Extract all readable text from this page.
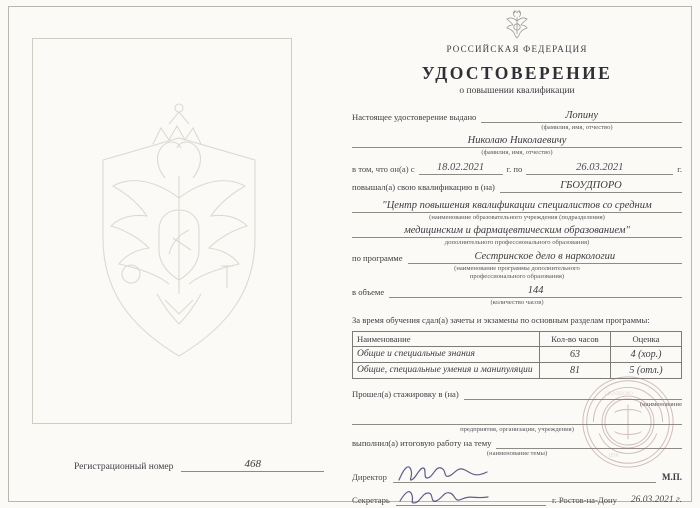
Регистрационный номер	468
РОССИЙСКАЯ ФЕДЕРАЦИЯ
УДОСТОВЕРЕНИЕ
о повышении квалификации
Настоящее удостоверение выдано	Лопину
(фамилия, имя, отчество)
Николаю Николаевичу
(фамилия, имя, отчество)
в том, что он(а) с	18.02.2021	г. по	26.03.2021	г.
повышал(а) свою квалификацию в (на)	ГБОУДПОРО
"Центр повышения квалификации специалистов со средним
(наименование образовательного учреждения (подразделения)
медицинским и фармацевтическим образованием"
дополнительного профессионального образования)
по программе	Сестринское дело в наркологии
(наименование программы дополнительного
профессионального образования)
в объеме	144
(количество часов)
За время обучения сдал(а) зачеты и экзамены по основным разделам программы:
Наименование	Кол-во часов	Оценка
Общие и специальные знания	63	4 (хор.)
Общие, специальные умения и манипуляции	81	5 (отл.)
Прошел(а) стажировку в (на)
(наименование

предприятия, организации, учреждения)
выполнил(а) итоговую работу на тему
(наименование темы)
ГБОУДПОРО
ЦПК
Директор	М.П.
Секретарь	г. Ростов-на-Дону 26.03.2021 г.
